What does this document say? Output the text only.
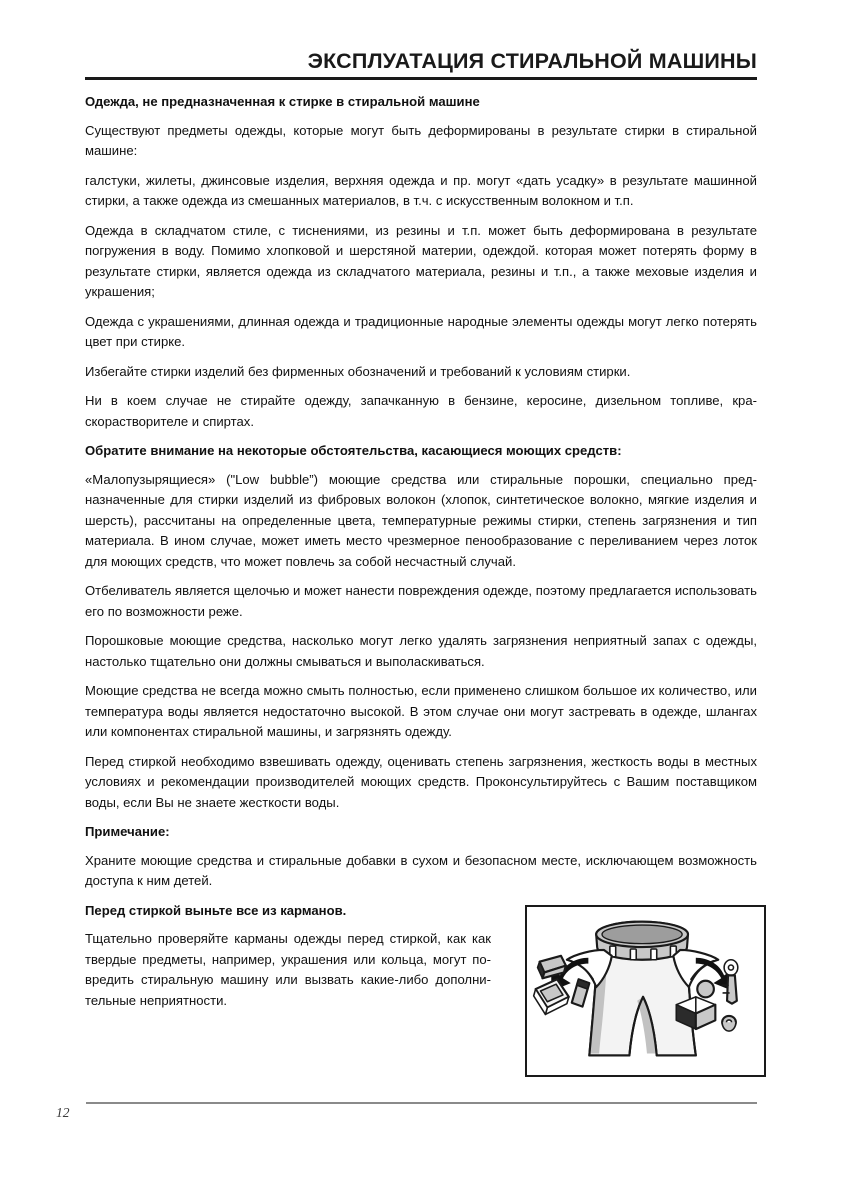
ЭКСПЛУАТАЦИЯ СТИРАЛЬНОЙ МАШИНЫ

Одежда, не предназначенная к стирке в стиральной машине

Существуют предметы одежды, которые могут быть деформированы в результате стирки в стиральной машине:

галстуки, жилеты, джинсовые изделия, верхняя одежда и пр. могут «дать усадку» в результате машинной стирки, а также одежда из смешанных материалов, в т.ч. с искусственным волокном и т.п.

Одежда в складчатом стиле, с тиснениями, из резины и т.п. может быть деформирована в результате погружения в воду. Помимо хлопковой и шерстяной материи, одеждой. которая может потерять форму в результате стирки, является одежда из складчатого материала, резины и т.п., а также меховые изделия и украшения;

Одежда с украшениями, длинная одежда и традиционные народные элементы одежды могут легко потерять цвет при стирке.

Избегайте стирки изделий без фирменных обозначений и требований к условиям стирки.

Ни в коем случае не стирайте одежду, запачканную в бензине, керосине, дизельном топливе, краскорастворителе и спиртах.

Обратите внимание на некоторые обстоятельства, касающиеся моющих средств:

«Малопузырящиеся» ("Low bubble”) моющие средства или стиральные порошки, специально предназначенные для стирки изделий из фибровых волокон (хлопок, синтетическое волокно, мягкие изделия и шерсть), рассчитаны на определенные цвета, температурные режимы стирки, степень загрязнения и тип материала. В ином случае, может иметь место чрезмерное пенообразование с переливанием через лоток для моющих средств, что может повлечь за собой несчастный случай.

Отбеливатель является щелочью и может нанести повреждения одежде, поэтому предлагается использовать его по возможности реже.

Порошковые моющие средства, насколько могут легко удалять загрязнения неприятный запах с одежды, настолько тщательно они должны смываться и выполаскиваться.

Моющие средства не всегда можно смыть полностью, если применено слишком большое их количество, или температура воды является недостаточно высокой. В этом случае они могут застревать в одежде, шлангах или компонентах стиральной машины, и загрязнять одежду.

Перед стиркой необходимо взвешивать одежду, оценивать степень загрязнения, жесткость воды в местных условиях и рекомендации производителей моющих средств. Проконсультируйтесь с Вашим поставщиком воды, если Вы не знаете жесткости воды.

Примечание:

Храните моющие средства и стиральные добавки в сухом и безопасном месте, исключающем возможность доступа к ним детей.

Перед стиркой выньте все из карманов.

Тщательно проверяйте карманы одежды перед стиркой, как как твердые предметы, например, украшения или кольца, могут повредить стиральную машину или вызвать какие-либо дополнительные неприятности.

12
